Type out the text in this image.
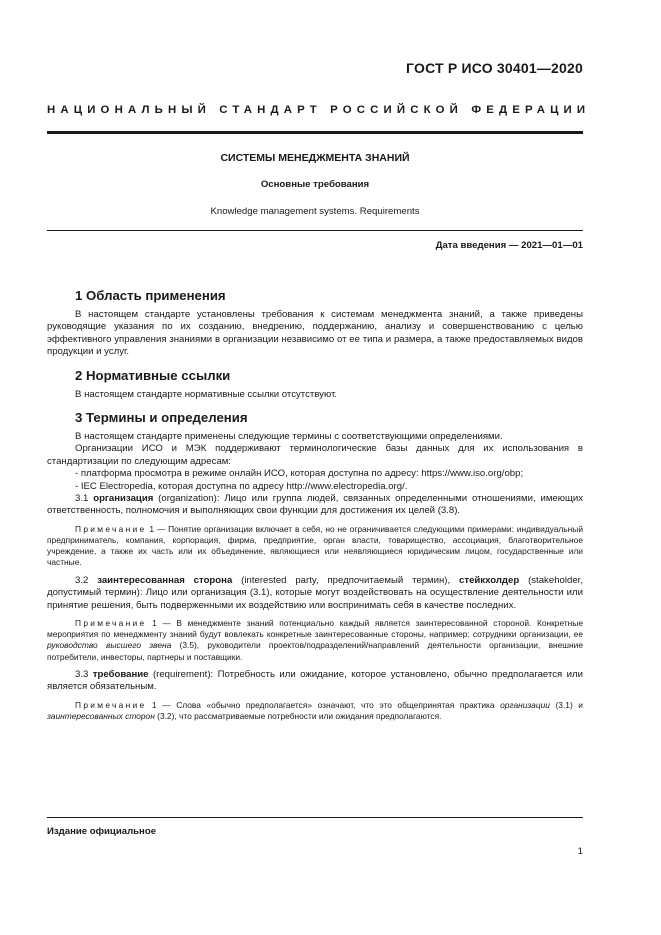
ГОСТ Р ИСО 30401—2020
НАЦИОНАЛЬНЫЙ СТАНДАРТ РОССИЙСКОЙ ФЕДЕРАЦИИ
СИСТЕМЫ МЕНЕДЖМЕНТА ЗНАНИЙ
Основные требования
Knowledge management systems. Requirements
Дата введения — 2021—01—01
1 Область применения

В настоящем стандарте установлены требования к системам менеджмента знаний, а также приведены руководящие указания по их созданию, внедрению, поддержанию, анализу и совершенствованию с целью эффективного управления знаниями в организации независимо от ее типа и размера, а также предоставляемых видов продукции и услуг.

2 Нормативные ссылки

В настоящем стандарте нормативные ссылки отсутствуют.

3 Термины и определения

В настоящем стандарте применены следующие термины с соответствующими определениями.

Организации ИСО и МЭК поддерживают терминологические базы данных для их использования в стандартизации по следующим адресам:

- платформа просмотра в режиме онлайн ИСО, которая доступна по адресу: https://www.iso.org/obp;
- IEC Electropedia, которая доступна по адресу http://www.electropedia.org/.

3.1 организация (organization): Лицо или группа людей, связанных определенными отношениями, имеющих ответственность, полномочия и выполняющих свои функции для достижения их целей (3.8).

Примечание 1 — Понятие организации включает в себя, но не ограничивается следующими примерами: индивидуальный предприниматель, компания, корпорация, фирма, предприятие, орган власти, товарищество, ассоциация, благотворительное учреждение, а также их часть или их объединение, являющиеся или неявляющиеся юридическим лицом, государственные или частные.

3.2 заинтересованная сторона (interested party, предпочитаемый термин), стейкхолдер (stakeholder, допустимый термин): Лицо или организация (3.1), которые могут воздействовать на осуществление деятельности или принятие решения, быть подверженными их воздействию или воспринимать себя в качестве последних.

Примечание 1 — В менеджменте знаний потенциально каждый является заинтересованной стороной. Конкретные мероприятия по менеджменту знаний будут вовлекать конкретные заинтересованные стороны, например: сотрудники организации, ее руководство высшего звена (3.5), руководители проектов/подразделений/направлений деятельности организации, внешние потребители, инвесторы, партнеры и поставщики.

3.3 требование (requirement): Потребность или ожидание, которое установлено, обычно предполагается или является обязательным.

Примечание 1 — Слова «обычно предполагается» означают, что это общепринятая практика организации (3.1) и заинтересованных сторон (3.2), что рассматриваемые потребности или ожидания предполагаются.

Издание официальное
1
